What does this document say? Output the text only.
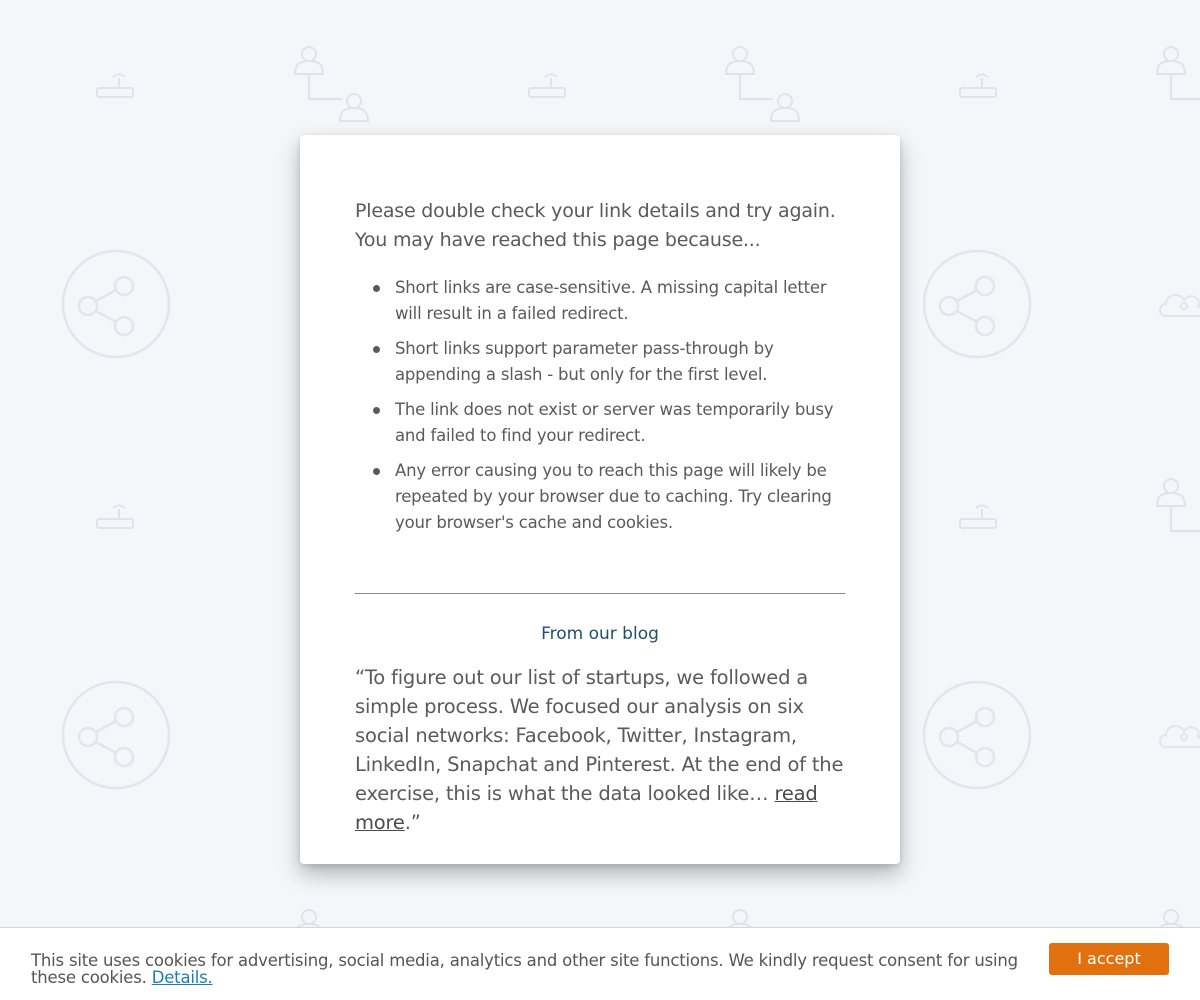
Please double check your link details and try again.
You may have reached this page because...

Short links are case-sensitive. A missing capital letter will result in a failed redirect.
Short links support parameter pass-through by appending a slash - but only for the first level.
The link does not exist or server was temporarily busy and failed to find your redirect.
Any error causing you to reach this page will likely be repeated by your browser due to caching. Try clearing your browser's cache and cookies.
From our blog

“To figure out our list of startups, we followed a simple process. We focused our analysis on six social networks: Facebook, Twitter, Instagram, LinkedIn, Snapchat and Pinterest. At the end of the exercise, this is what the data looked like… read more.”

This site uses cookies for advertising, social media, analytics and other site functions. We kindly request consent for using these cookies. Details.
I accept
